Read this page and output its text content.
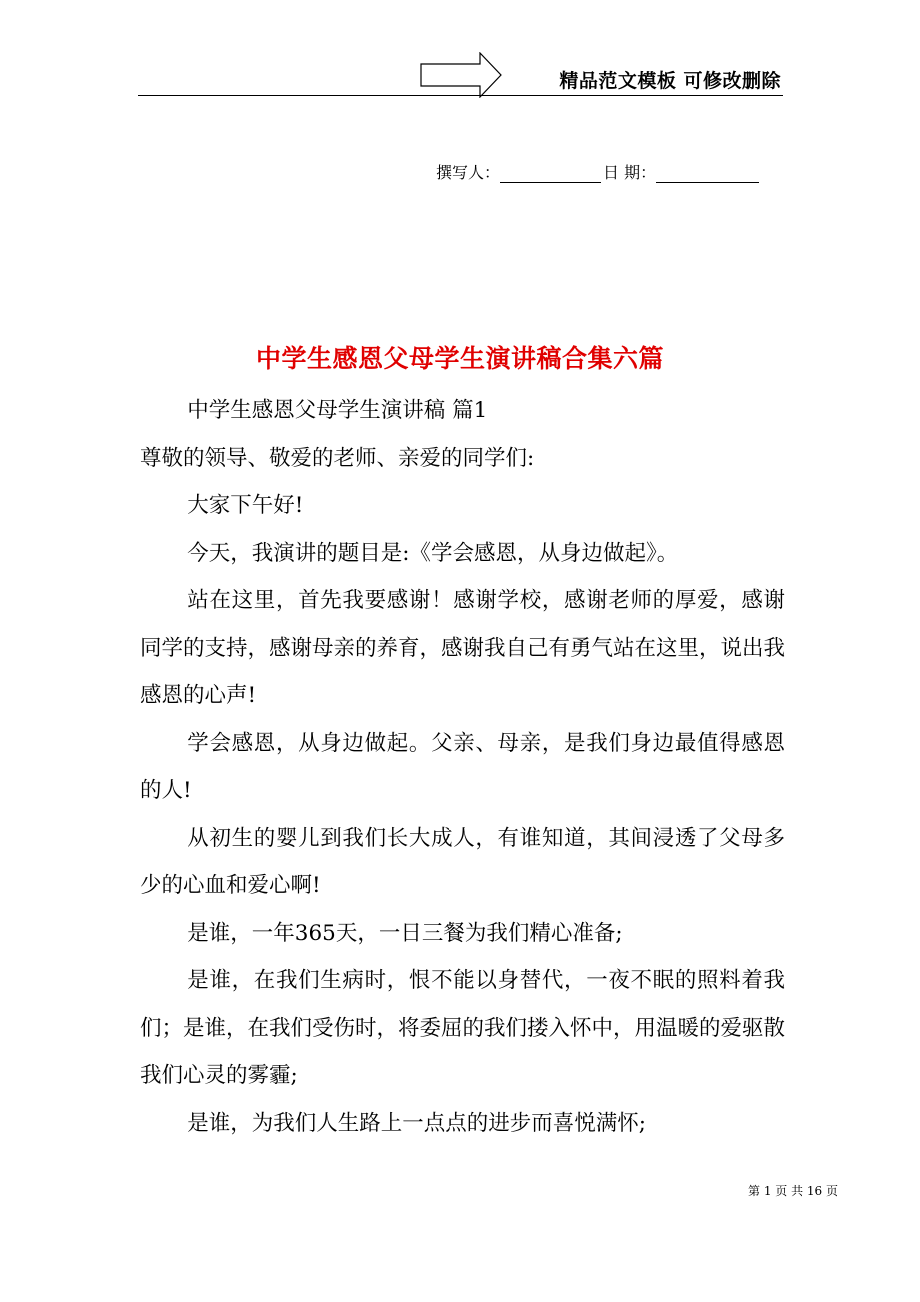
精品范文模板 可修改删除
撰写人：	日 期：
中学生感恩父母学生演讲稿合集六篇

中学生感恩父母学生演讲稿 篇1

尊敬的领导、敬爱的老师、亲爱的同学们:

大家下午好!

今天，我演讲的题目是:《学会感恩，从身边做起》。

站在这里，首先我要感谢！感谢学校，感谢老师的厚爱，感谢同学的支持，感谢母亲的养育，感谢我自己有勇气站在这里，说出我感恩的心声!

学会感恩，从身边做起。父亲、母亲，是我们身边最值得感恩的人!

从初生的婴儿到我们长大成人，有谁知道，其间浸透了父母多少的心血和爱心啊!

是谁，一年365天，一日三餐为我们精心准备;

是谁，在我们生病时，恨不能以身替代，一夜不眠的照料着我们；是谁，在我们受伤时，将委屈的我们搂入怀中，用温暖的爱驱散我们心灵的雾霾;

是谁，为我们人生路上一点点的进步而喜悦满怀;

第 1 页 共 16 页
